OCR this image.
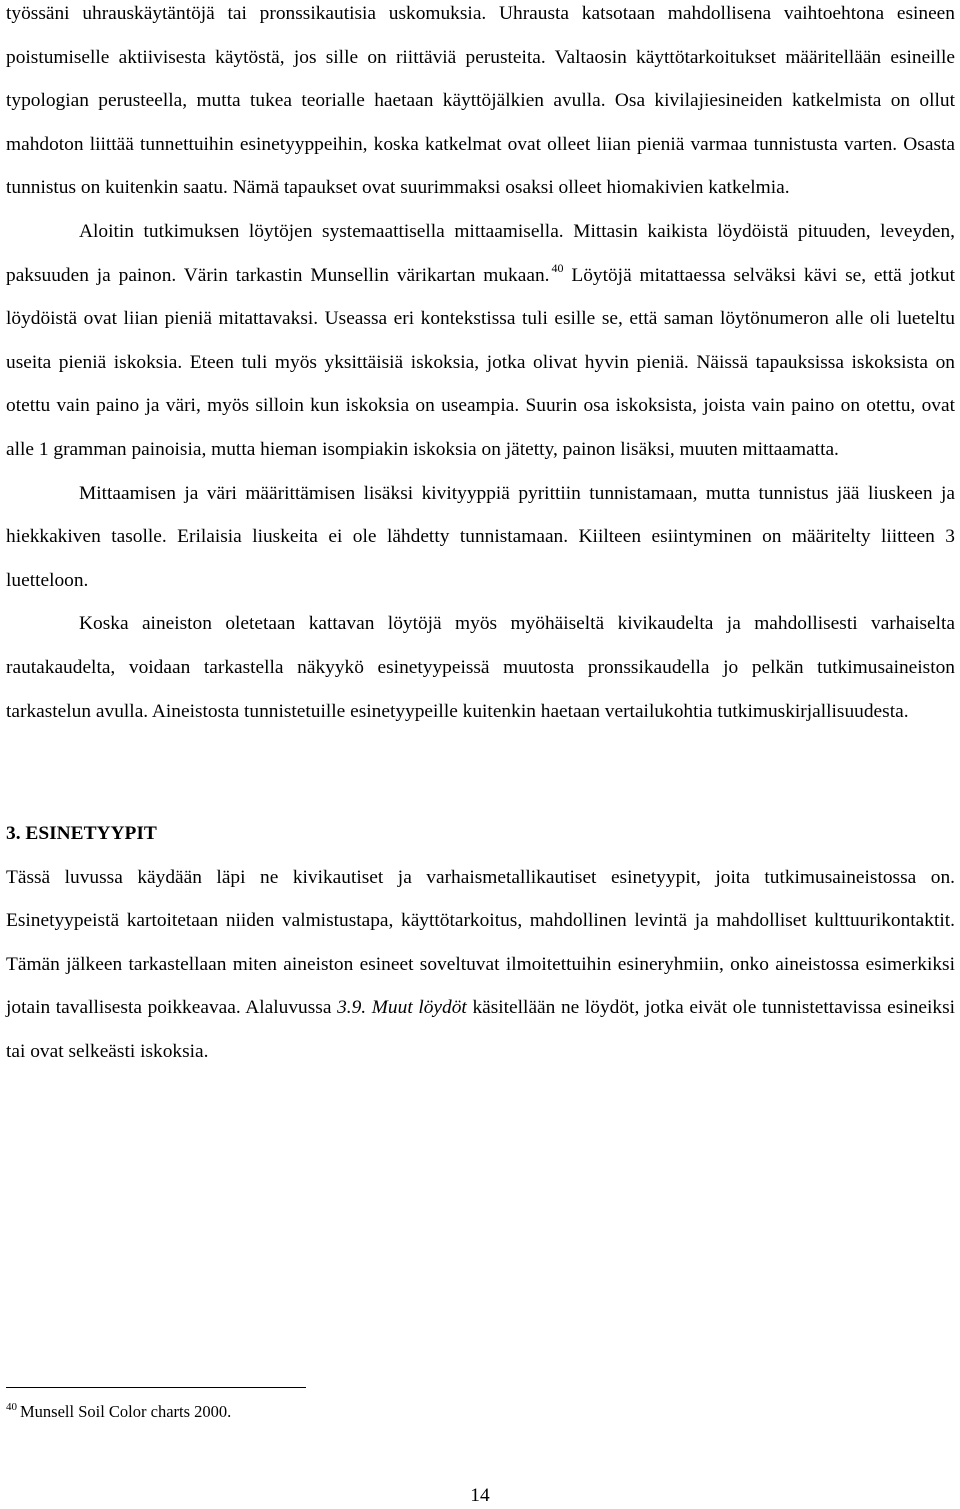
työssäni uhrauskäytäntöjä tai pronssikautisia uskomuksia. Uhrausta katsotaan mahdollisena vaihtoehtona esineen poistumiselle aktiivisesta käytöstä, jos sille on riittäviä perusteita. Valtaosin käyttötarkoitukset määritellään esineille typologian perusteella, mutta tukea teorialle haetaan käyttöjälkien avulla. Osa kivilajiesineiden katkelmista on ollut mahdoton liittää tunnettuihin esinetyyppeihin, koska katkelmat ovat olleet liian pieniä varmaa tunnistusta varten. Osasta tunnistus on kuitenkin saatu. Nämä tapaukset ovat suurimmaksi osaksi olleet hiomakivien katkelmia.

Aloitin tutkimuksen löytöjen systemaattisella mittaamisella. Mittasin kaikista löydöistä pituuden, leveyden, paksuuden ja painon. Värin tarkastin Munsellin värikartan mukaan. $^{40}$ Löytöjä mitattaessa selväksi kävi se, että jotkut löydöistä ovat liian pieniä mitattavaksi. Useassa eri kontekstissa tuli esille se, että saman löytönumeron alle oli lueteltu useita pieniä iskoksia. Eteen tuli myös yksittäisiä iskoksia, jotka olivat hyvin pieniä. Näissä tapauksissa iskoksista on otettu vain paino ja väri, myös silloin kun iskoksia on useampia. Suurin osa iskoksista, joista vain paino on otettu, ovat alle 1 gramman painoisia, mutta hieman isompiakin iskoksia on jätetty, painon lisäksi, muuten mittaamatta.

Mittaamisen ja väri määrittämisen lisäksi kivityyppiä pyrittiin tunnistamaan, mutta tunnistus jää liuskeen ja hiekkakiven tasolle. Erilaisia liuskeita ei ole lähdetty tunnistamaan. Kiilteen esiintyminen on määritelty liitteen 3 luetteloon.

Koska aineiston oletetaan kattavan löytöjä myös myöhäiseltä kivikaudelta ja mahdollisesti varhaiselta rautakaudelta, voidaan tarkastella näkyykö esinetyypeissä muutosta pronssikaudella jo pelkän tutkimusaineiston tarkastelun avulla. Aineistosta tunnistetuille esinetyypeille kuitenkin haetaan vertailukohtia tutkimuskirjallisuudesta.

3. ESINETYYPIT

Tässä luvussa käydään läpi ne kivikautiset ja varhaismetallikautiset esinetyypit, joita tutkimusaineistossa on. Esinetyypeistä kartoitetaan niiden valmistustapa, käyttötarkoitus, mahdollinen levintä ja mahdolliset kulttuurikontaktit. Tämän jälkeen tarkastellaan miten aineiston esineet soveltuvat ilmoitettuihin esineryhmiin, onko aineistossa esimerkiksi jotain tavallisesta poikkeavaa. Alaluvussa 3.9. Muut löydöt käsitellään ne löydöt, jotka eivät ole tunnistettavissa esineiksi tai ovat selkeästi iskoksia.

$^{40}$ Munsell Soil Color charts 2000.
14
